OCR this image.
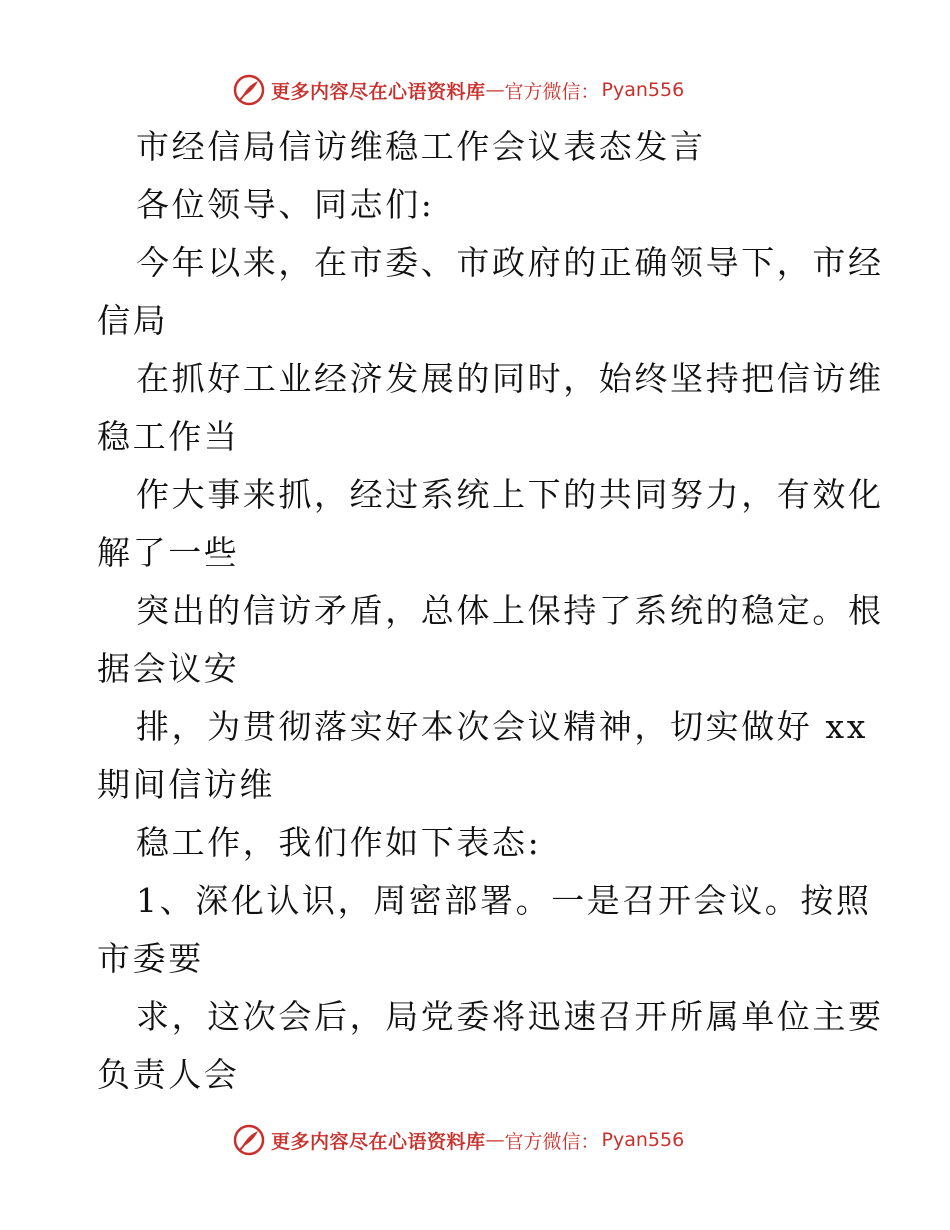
更多内容尽在心语资料库 — 官方微信： Pyan556
市经信局信访维稳工作会议表态发言
各位领导、同志们:
今年以来，在市委、市政府的正确领导下，市经
信局
在抓好工业经济发展的同时，始终坚持把信访维
稳工作当
作大事来抓，经过系统上下的共同努力，有效化
解了一些
突出的信访矛盾，总体上保持了系统的稳定。根
据会议安
排，为贯彻落实好本次会议精神，切实做好 xx
期间信访维
稳工作，我们作如下表态:
1、深化认识，周密部署。一是召开会议。按照
市委要
求，这次会后，局党委将迅速召开所属单位主要
负责人会
更多内容尽在心语资料库 — 官方微信： Pyan556
